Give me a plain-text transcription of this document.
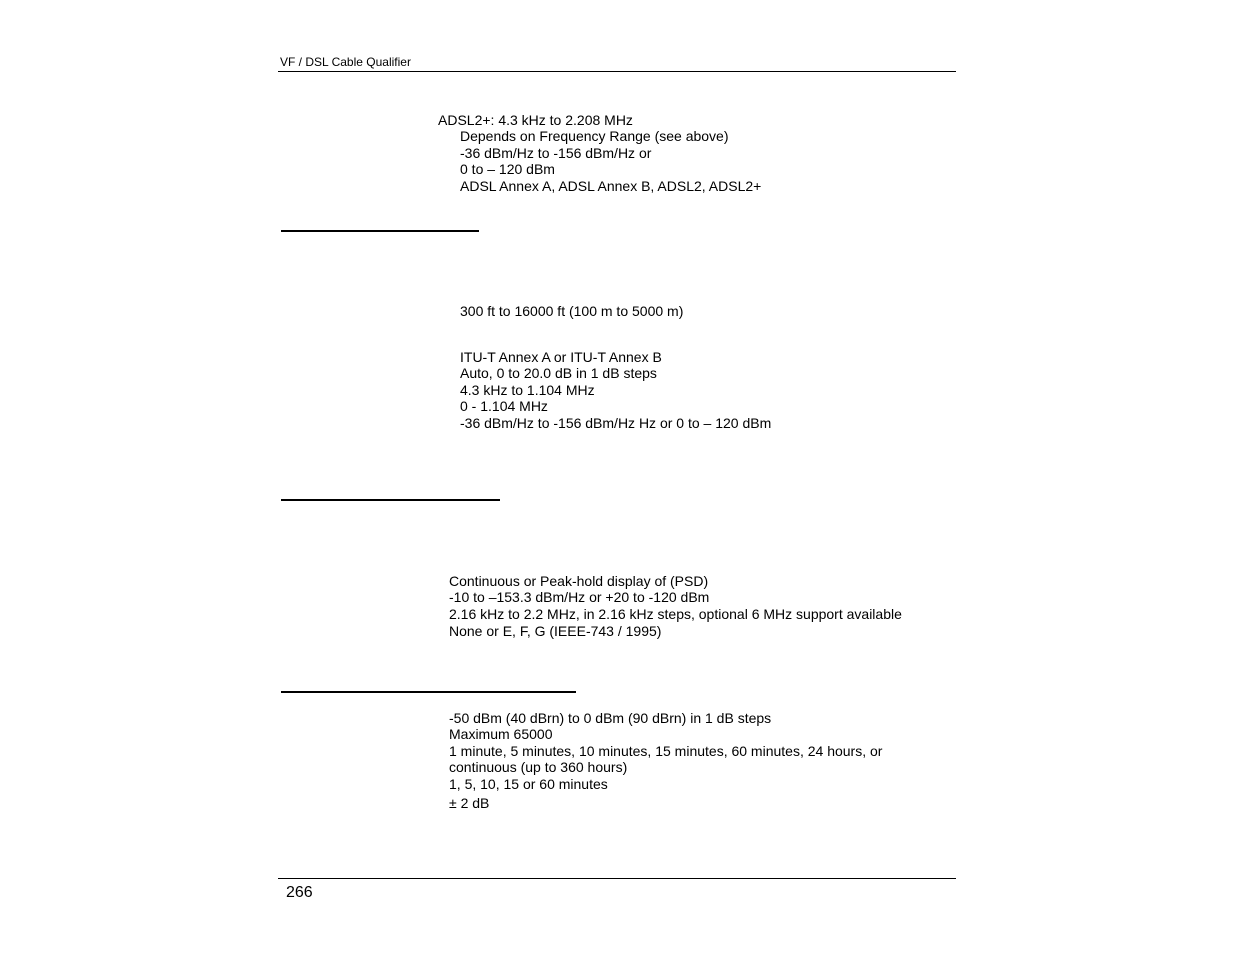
VF / DSL Cable Qualifier
ADSL2+: 4.3 kHz to 2.208 MHz
Depends on Frequency Range (see above)
-36 dBm/Hz to -156 dBm/Hz or
0 to – 120 dBm
ADSL Annex A, ADSL Annex B, ADSL2, ADSL2+
300 ft to 16000 ft (100 m to 5000 m)
ITU-T Annex A or ITU-T Annex B
Auto, 0 to 20.0 dB in 1 dB steps
4.3 kHz to 1.104 MHz
0 - 1.104 MHz
-36 dBm/Hz to -156 dBm/Hz Hz or 0 to – 120 dBm
Continuous or Peak-hold display of (PSD)
-10 to –153.3 dBm/Hz or +20 to -120 dBm
2.16 kHz to 2.2 MHz, in 2.16 kHz steps, optional 6 MHz support available
None or E, F, G (IEEE-743 / 1995)
-50 dBm (40 dBrn) to 0 dBm (90 dBrn) in 1 dB steps
Maximum 65000
1 minute, 5 minutes, 10 minutes, 15 minutes, 60 minutes, 24 hours, or
continuous (up to 360 hours)
1, 5, 10, 15 or 60 minutes
± 2 dB
266
